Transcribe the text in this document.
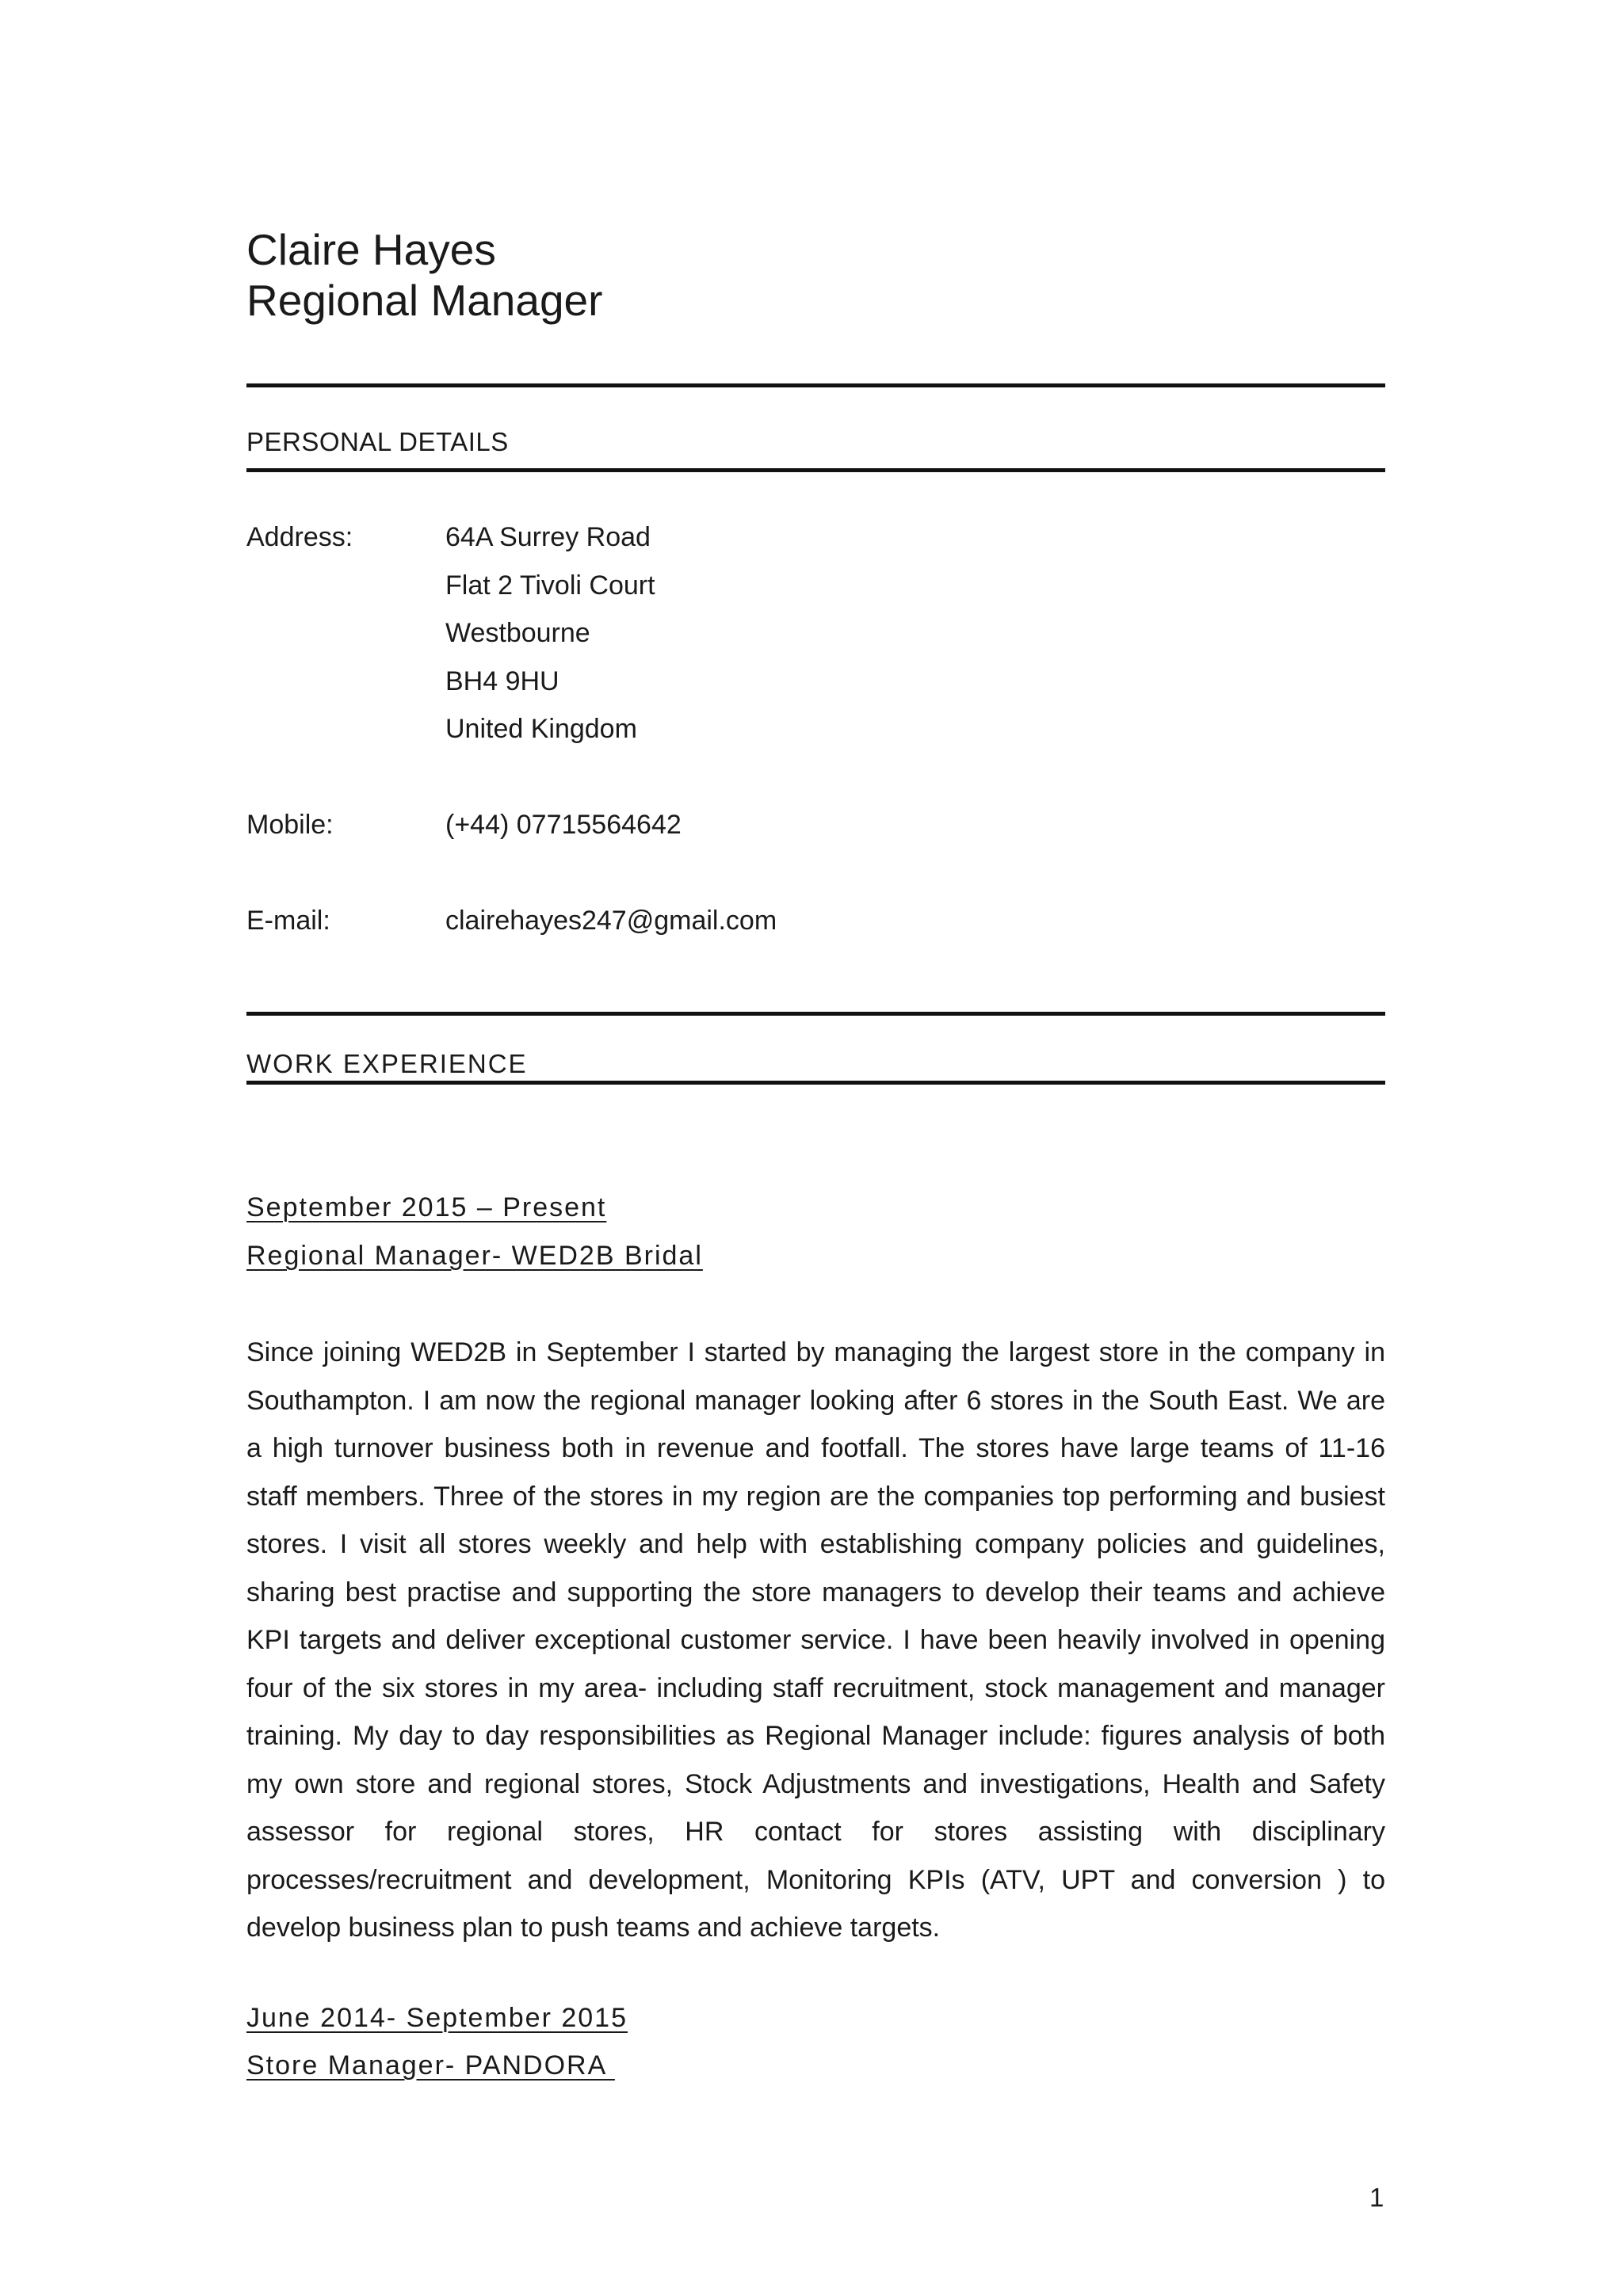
Claire Hayes
Regional Manager
PERSONAL DETAILS
Address:	64A Surrey Road
Flat 2 Tivoli Court
Westbourne
BH4 9HU
United Kingdom
Mobile:	(+44) 07715564642
E-mail:	clairehayes247@gmail.com
WORK EXPERIENCE
September 2015 – Present
Regional Manager- WED2B Bridal

Since joining WED2B in September I started by managing the largest store in the company in Southampton. I am now the regional manager looking after 6 stores in the South East. We are a high turnover business both in revenue and footfall. The stores have large teams of 11-16 staff members. Three of the stores in my region are the companies top performing and busiest stores. I visit all stores weekly and help with establishing company policies and guidelines, sharing best practise and supporting the store managers to develop their teams and achieve KPI targets and deliver exceptional customer service. I have been heavily involved in opening four of the six stores in my area- including staff recruitment, stock management and manager training. My day to day responsibilities as Regional Manager include: figures analysis of both my own store and regional stores, Stock Adjustments and investigations, Health and Safety assessor for regional stores, HR contact for stores assisting with disciplinary processes/recruitment and development, Monitoring KPIs (ATV, UPT and conversion ) to develop business plan to push teams and achieve targets.

June 2014- September 2015
Store Manager- PANDORA
1
